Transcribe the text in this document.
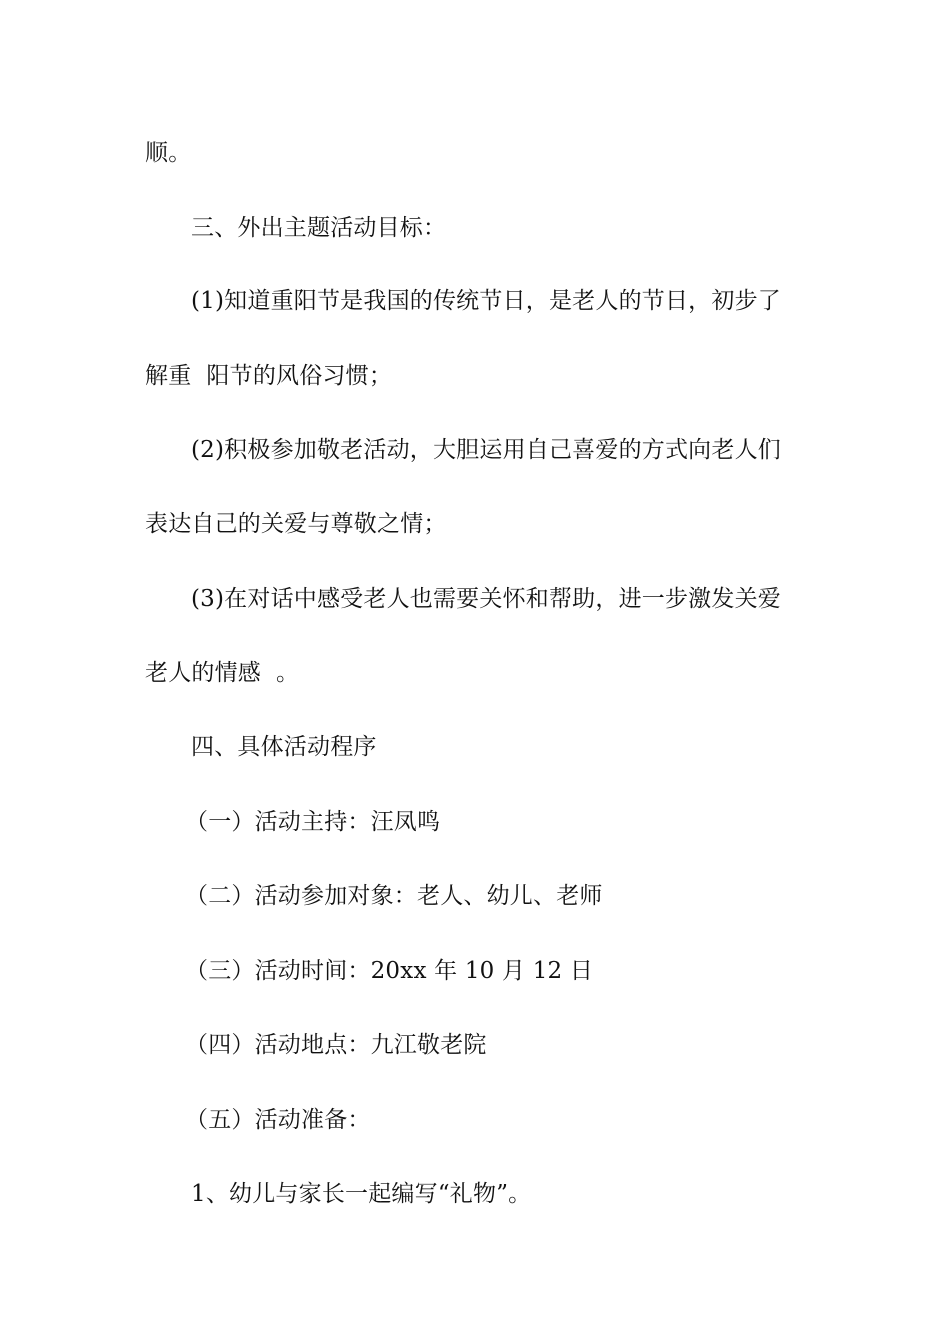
顺。
三、外出主题活动目标：
(1)知道重阳节是我国的传统节日，是老人的节日，初步了
解重  阳节的风俗习惯；
(2)积极参加敬老活动，大胆运用自己喜爱的方式向老人们
表达自己的关爱与尊敬之情；
(3)在对话中感受老人也需要关怀和帮助，进一步激发关爱
老人的情感  。
四、具体活动程序
（一）活动主持：汪凤鸣
（二）活动参加对象：老人、幼儿、老师
（三）活动时间：20xx 年 10 月 12 日
（四）活动地点：九江敬老院
（五）活动准备：
1、幼儿与家长一起编写“礼物”。
